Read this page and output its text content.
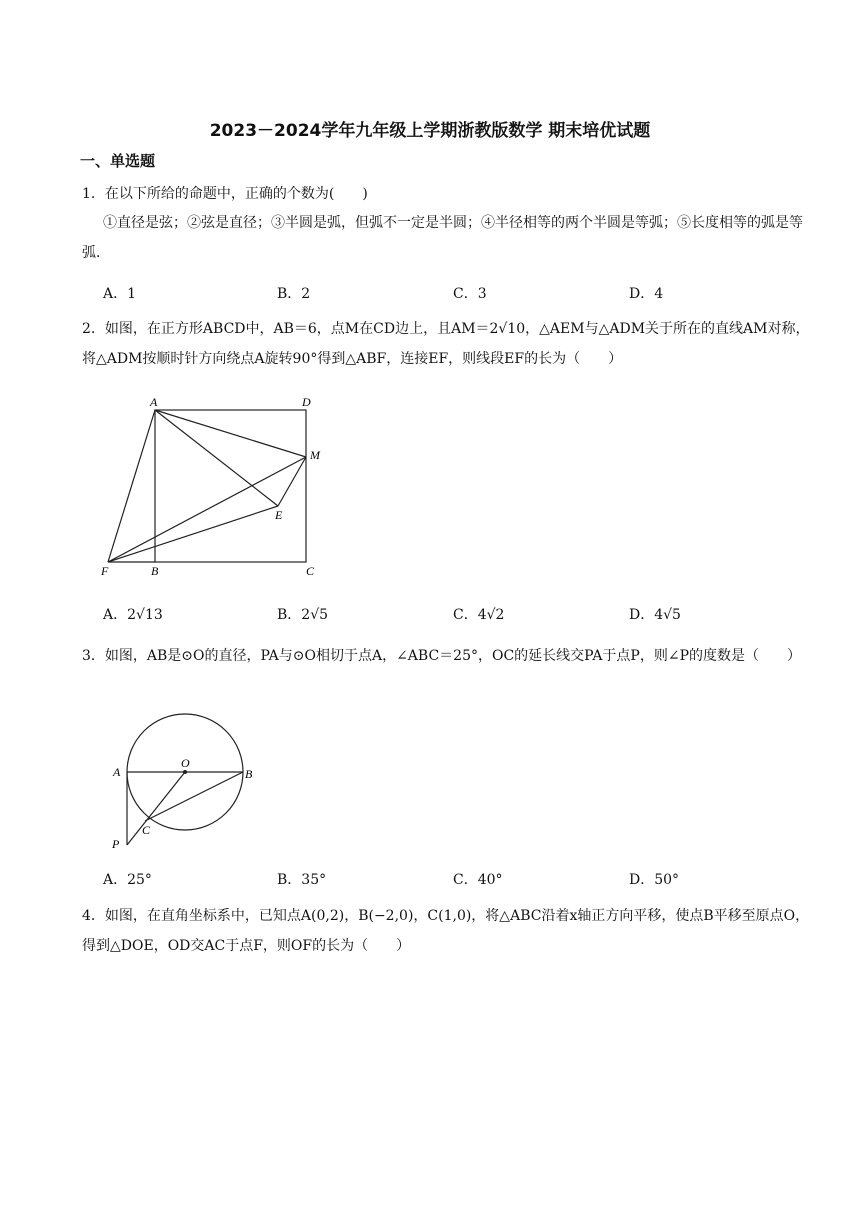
2023－2024学年九年级上学期浙教版数学 期末培优试题
一、单选题
1．在以下所给的命题中，正确的个数为(　　)
①直径是弦；②弦是直径；③半圆是弧，但弧不一定是半圆；④半径相等的两个半圆是等弧；⑤长度相等的弧是等弧．
A．1	B．2	C．3	D．4
2．如图，在正方形ABCD中，AB＝6，点M在CD边上，且AM＝2√10，△AEM与△ADM关于所在的直线AM对称，将△ADM按顺时针方向绕点A旋转90°得到△ABF，连接EF，则线段EF的长为（　　）
A	D
M
E
F	B	C
A．2√13	B．2√5	C．4√2	D．4√5
3．如图，AB是⊙O的直径，PA与⊙O相切于点A，∠ABC＝25°，OC的延长线交PA于点P，则∠P的度数是（　　）
O
A	B
C
P
A．25°	B．35°	C．40°	D．50°
4．如图，在直角坐标系中，已知点A(0,2)，B(−2,0)，C(1,0)，将△ABC沿着x轴正方向平移，使点B平移至原点O，得到△DOE，OD交AC于点F，则OF的长为（　　）
